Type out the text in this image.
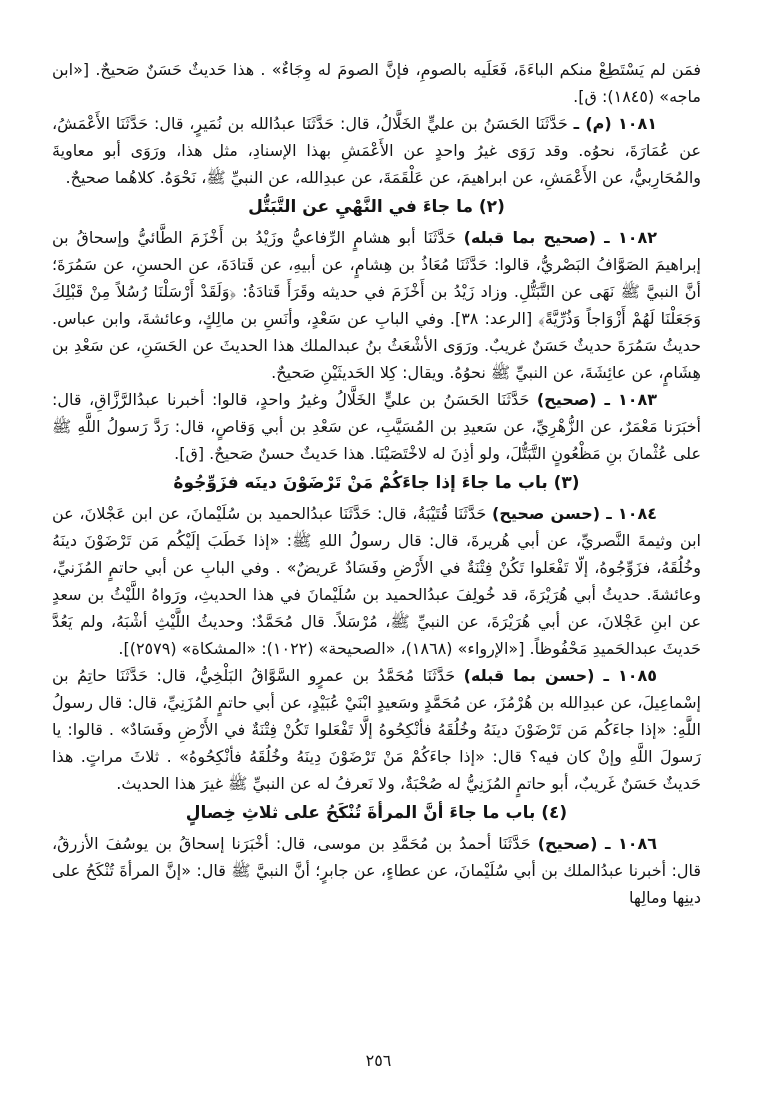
فمَن لم يَسْتَطِعْ منكم الباءَةَ، فَعَلَيه بالصومِ، فإنَّ الصومَ له وِجَاءٌ» . هذا حَديثٌ حَسَنٌ صَحيحٌ. [«ابن ماجه» (١٨٤٥): ق].

١٠٨١ (م) ـ حَدَّثَنَا الحَسَنُ بن عليٍّ الخَلَّالُ، قال: حَدَّثَنَا عبدُالله بن نُمَيرٍ، قال: حَدَّثَنَا الأَعْمَشُ، عن عُمَارَةَ، نحوُه. وقد رَوَى غيرُ واحدٍ عن الأَعْمَشِ بهذا الإسنادِ، مثل هذا، ورَوَى أبو معاويةَ والمُحَارِبيُّ، عن الأَعْمَشِ، عن ابراهيمَ، عن عَلْقَمَةَ، عن عبدِالله، عن النبيِّ ﷺ، نَحْوَهُ. كلاهُما صحيحٌ.

(٢) ما جاءَ في النَّهْيِ عن التَّبَتُّل

١٠٨٢ ـ (صحيح بما قبله) حَدَّثَنَا أبو هشامٍ الرِّفاعيُّ وزَيْدُ بن أَخْزَمَ الطَّائيُّ وإسحاقُ بن إبراهيمَ الصَوَّافُ البَصْريُّ، قالوا: حَدَّثَنَا مُعَاذُ بن هِشامٍ، عن أبيهِ، عن قَتادَةَ، عن الحسنِ، عن سَمُرَةَ؛ أنَّ النبيَّ ﷺ نَهَى عن التَّبَتُّلِ. وزاد زَيْدُ بن أَخْزَمَ في حديثه وقَرَأَ قَتادَةُ: ﴿وَلَقَدْ أَرْسَلْنَا رُسُلاً مِنْ قَبْلِكَ وَجَعَلْنَا لَهُمْ أَزْوَاجاً وَذُرِّيَّةً﴾ [الرعد: ٣٨]. وفي البابِ عن سَعْدٍ، وأنَسِ بن مالِكٍ، وعائشةَ، وابن عباس. حديثُ سَمُرَةَ حديثٌ حَسَنٌ غريبٌ. ورَوَى الأشْعَثُ بنُ عبدالملك هذا الحديثَ عن الحَسَنِ، عن سَعْدِ بن هِشَامٍ، عن عائِشَةَ، عن النبيِّ ﷺ نحوُهُ. ويقال: كِلا الحَديثَيْنِ صَحيحٌ.

١٠٨٣ ـ (صحيح) حَدَّثَنَا الحَسَنُ بن عليٍّ الخَلَّالُ وغيرُ واحدٍ، قالوا: أخبرنا عبدُالرَّزَّاقِ، قال: أخبَرَنا مَعْمَرٌ، عن الزُّهْرِيِّ، عن سَعيدِ بن المُسَيَّبِ، عن سَعْدِ بن أبي وَقاصٍ، قال: رَدَّ رَسولُ اللَّهِ ﷺ على عُثْمانَ بنِ مَظْعُونٍ التَّبَتُّلَ، ولو أذِنَ له لاخْتَصَيْنَا. هذا حَديثٌ حسنٌ صَحيحٌ. [ق].

(٣) باب ما جاءَ إذا جاءَكُمْ مَنْ تَرْضَوْنَ دينَه فزَوِّجُوهُ

١٠٨٤ ـ (حسن صحيح) حَدَّثَنَا قُتَيْبَةُ، قال: حَدَّثَنَا عبدُالحميد بن سُلَيْمانَ، عن ابن عَجْلانَ، عن ابن وثيمةَ النَّصريِّ، عن أبي هُريرةَ، قال: قال رسولُ اللهِ ﷺ: «إذا خَطَبَ إلَيْكُم مَن تَرْضَوْنَ دينَهُ وخُلُقَهُ، فزَوِّجُوهُ، إلّا تَفْعَلوا تَكُنْ فِتْنَةٌ في الأَرْضِ وفَسَادٌ عَريضٌ» . وفي البابِ عن أبي حاتمٍ المُزَنيِّ، وعائشةَ. حديثُ أبي هُرَيْرَةَ، قد خُولِفَ عبدُالحميد بن سُلَيْمانَ في هذا الحديثِ، ورَواهُ اللَّيْثُ بن سعدٍ عن ابنِ عَجْلانَ، عن أبي هُرَيْرَةَ، عن النبيِّ ﷺ، مُرْسَلاً. قال مُحَمَّدٌ: وحديثُ اللَّيْثِ أشْبَهُ، ولم يَعُدَّ حَديثَ عبدالحَميدِ مَحْفُوظاً. [«الإرواء» (١٨٦٨)، «الصحيحة» (١٠٢٢): «المشكاة» (٢٥٧٩)].

١٠٨٥ ـ (حسن بما قبله) حَدَّثَنَا مُحَمَّدُ بن عمرٍو السَّوَّاقُ البَلْخِيُّ، قال: حَدَّثَنَا حاتِمُ بن إسْماعِيلَ، عن عبدِالله بن هُرْمُزَ، عن مُحَمَّدٍ وسَعيدٍ ابْنَيْ عُبَيْدٍ، عن أبي حاتمٍ المُزَنِيِّ، قال: قال رسولُ اللَّهِ: «إذا جاءَكُم مَن تَرْضَوْنَ دينَهُ وخُلُقَهُ فأنْكِحُوهُ إلَّا تَفْعَلوا تَكُنْ فِتْنَةٌ في الأَرْضِ وفَسَادٌ» . قالوا: يا رَسولَ اللَّهِ وإنْ كان فيه؟ قال: «إذا جاءَكُمْ مَنْ تَرْضَوْنَ دِينَهُ وخُلُقَهُ فأنْكِحُوهُ» . ثلاثَ مراتٍ. هذا حَديثٌ حَسَنٌ غَريبٌ، أبو حاتمٍ المُزَنِيُّ له صُحْبَةٌ، ولا نَعرفُ له عن النبيِّ ﷺ غيرَ هذا الحديث.

(٤) باب ما جاءَ أنَّ المرأةَ تُنْكَحُ على ثلاثِ خِصالٍ

١٠٨٦ ـ (صحيح) حَدَّثَنَا أحمدُ بن مُحَمَّدِ بن موسى، قال: أخْبَرَنا إسحاقُ بن يوسُفَ الأزرقُ، قال: أخبرنا عبدُالملك بن أبي سُلَيْمانَ، عن عطاءٍ، عن جابرٍ؛ أنَّ النبيَّ ﷺ قال: «إنَّ المرأةَ تُنْكَحُ على دينِها ومالِها

٢٥٦
